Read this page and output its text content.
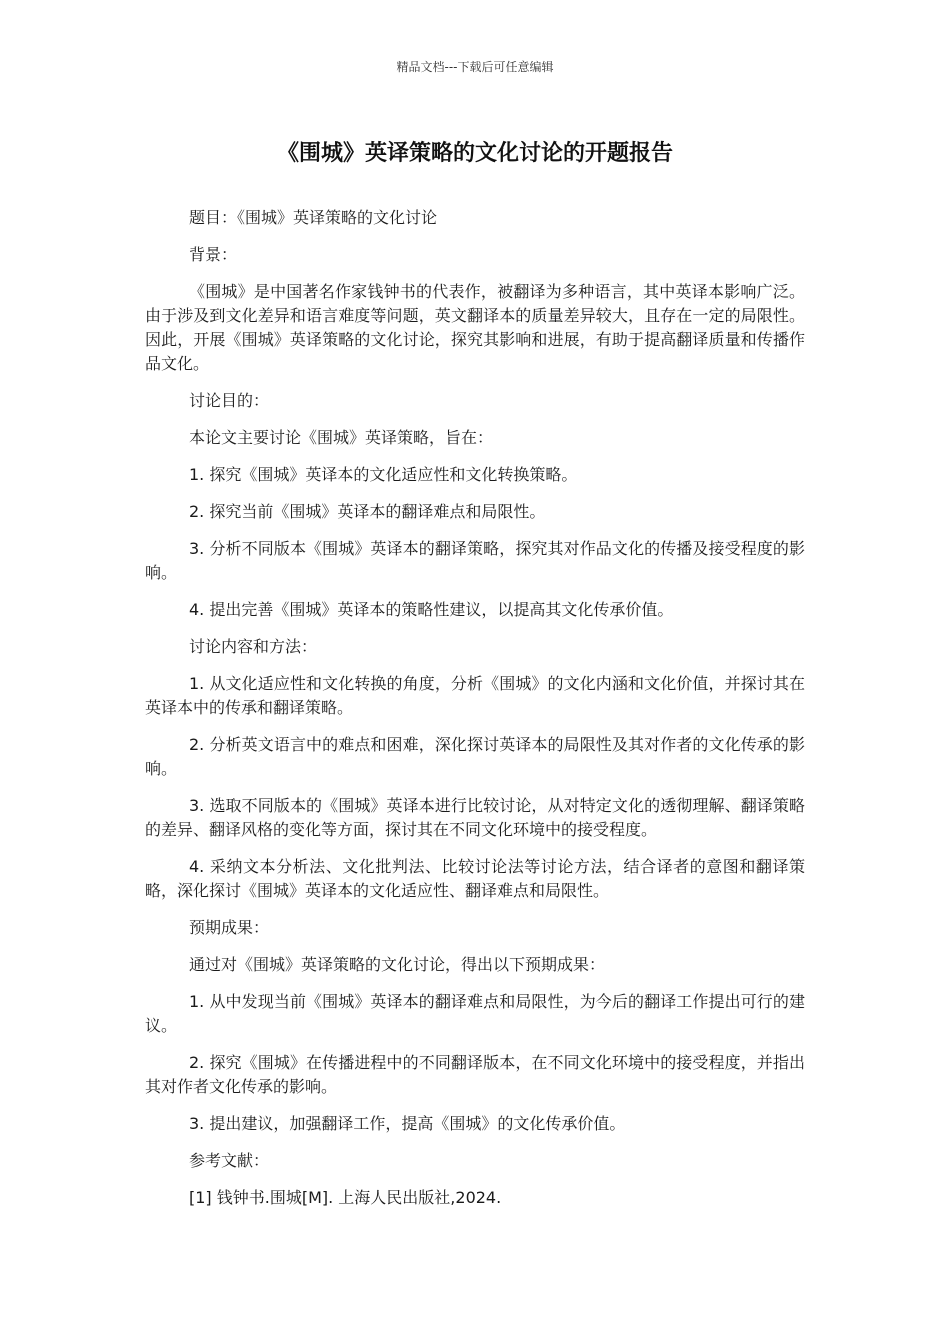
精品文档---下载后可任意编辑
《围城》英译策略的文化讨论的开题报告

题目：《围城》英译策略的文化讨论

背景：

《围城》是中国著名作家钱钟书的代表作，被翻译为多种语言，其中英译本影响广泛。由于涉及到文化差异和语言难度等问题，英文翻译本的质量差异较大，且存在一定的局限性。 因此，开展《围城》英译策略的文化讨论，探究其影响和进展，有助于提高翻译质量和传播作品文化。

讨论目的：

本论文主要讨论《围城》英译策略，旨在：

1. 探究《围城》英译本的文化适应性和文化转换策略。

2. 探究当前《围城》英译本的翻译难点和局限性。

3. 分析不同版本《围城》英译本的翻译策略，探究其对作品文化的传播及接受程度的影响。

4. 提出完善《围城》英译本的策略性建议，以提高其文化传承价值。

讨论内容和方法：

1. 从文化适应性和文化转换的角度，分析《围城》的文化内涵和文化价值，并探讨其在英译本中的传承和翻译策略。

2. 分析英文语言中的难点和困难，深化探讨英译本的局限性及其对作者的文化传承的影响。

3. 选取不同版本的《围城》英译本进行比较讨论，从对特定文化的透彻理解、翻译策略的差异、翻译风格的变化等方面，探讨其在不同文化环境中的接受程度。

4. 采纳文本分析法、文化批判法、比较讨论法等讨论方法，结合译者的意图和翻译策略，深化探讨《围城》英译本的文化适应性、翻译难点和局限性。

预期成果：

通过对《围城》英译策略的文化讨论，得出以下预期成果：

1. 从中发现当前《围城》英译本的翻译难点和局限性，为今后的翻译工作提出可行的建议。

2. 探究《围城》在传播进程中的不同翻译版本，在不同文化环境中的接受程度，并指出其对作者文化传承的影响。

3. 提出建议，加强翻译工作，提高《围城》的文化传承价值。

参考文献：

[1] 钱钟书.围城[M]. 上海人民出版社,2024.
